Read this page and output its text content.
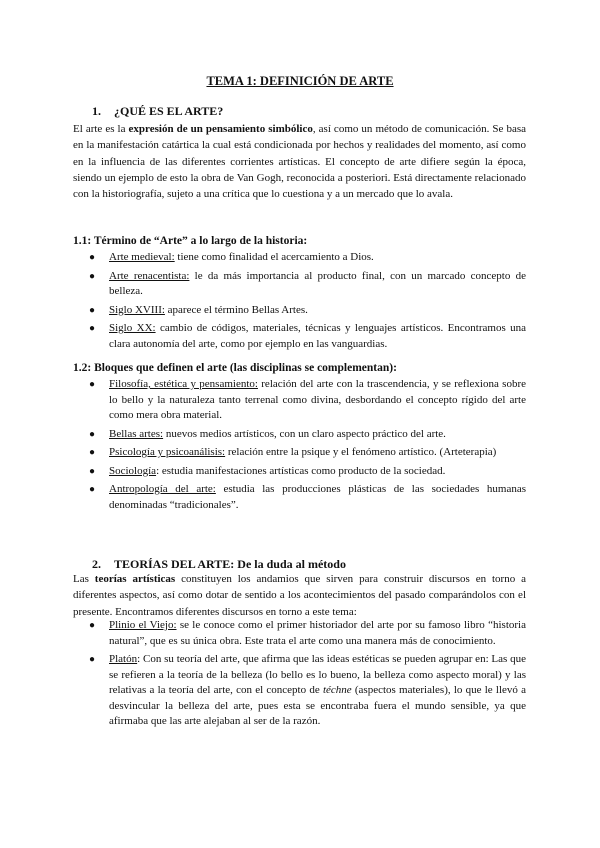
TEMA 1: DEFINICIÓN DE ARTE
1. ¿QUÉ ES EL ARTE?

El arte es la expresión de un pensamiento simbólico, así como un método de comunicación. Se basa en la manifestación catártica la cual está condicionada por hechos y realidades del momento, así como en la influencia de las diferentes corrientes artísticas. El concepto de arte difiere según la época, siendo un ejemplo de esto la obra de Van Gogh, reconocida a posteriori. Está directamente relacionado con la historiografía, sujeto a una crítica que lo cuestiona y a un mercado que lo avala.

1.1: Término de “Arte” a lo largo de la historia:
● Arte medieval: tiene como finalidad el acercamiento a Dios.
● Arte renacentista: le da más importancia al producto final, con un marcado concepto de belleza.
● Siglo XVIII: aparece el término Bellas Artes.
● Siglo XX: cambio de códigos, materiales, técnicas y lenguajes artísticos. Encontramos una clara autonomía del arte, como por ejemplo en las vanguardias.
1.2: Bloques que definen el arte (las disciplinas se complementan):
● Filosofía, estética y pensamiento: relación del arte con la trascendencia, y se reflexiona sobre lo bello y la naturaleza tanto terrenal como divina, desbordando el concepto rígido del arte como mera obra material.
● Bellas artes: nuevos medios artísticos, con un claro aspecto práctico del arte.
● Psicología y psicoanálisis: relación entre la psique y el fenómeno artístico. (Arteterapia)
● Sociología: estudia manifestaciones artísticas como producto de la sociedad.
● Antropología del arte: estudia las producciones plásticas de las sociedades humanas denominadas “tradicionales”.
2. TEORÍAS DEL ARTE: De la duda al método

Las teorías artísticas constituyen los andamios que sirven para construir discursos en torno a diferentes aspectos, así como dotar de sentido a los acontecimientos del pasado comparándolos con el presente. Encontramos diferentes discursos en torno a este tema:

● Plinio el Viejo: se le conoce como el primer historiador del arte por su famoso libro “historia natural”, que es su única obra. Este trata el arte como una manera más de conocimiento.
● Platón: Con su teoría del arte, que afirma que las ideas estéticas se pueden agrupar en: Las que se refieren a la teoría de la belleza (lo bello es lo bueno, la belleza como aspecto moral) y las relativas a la teoría del arte, con el concepto de téchne (aspectos materiales), lo que le llevó a desvincular la belleza del arte, pues esta se encontraba fuera el mundo sensible, ya que afirmaba que las arte alejaban al ser de la razón.
